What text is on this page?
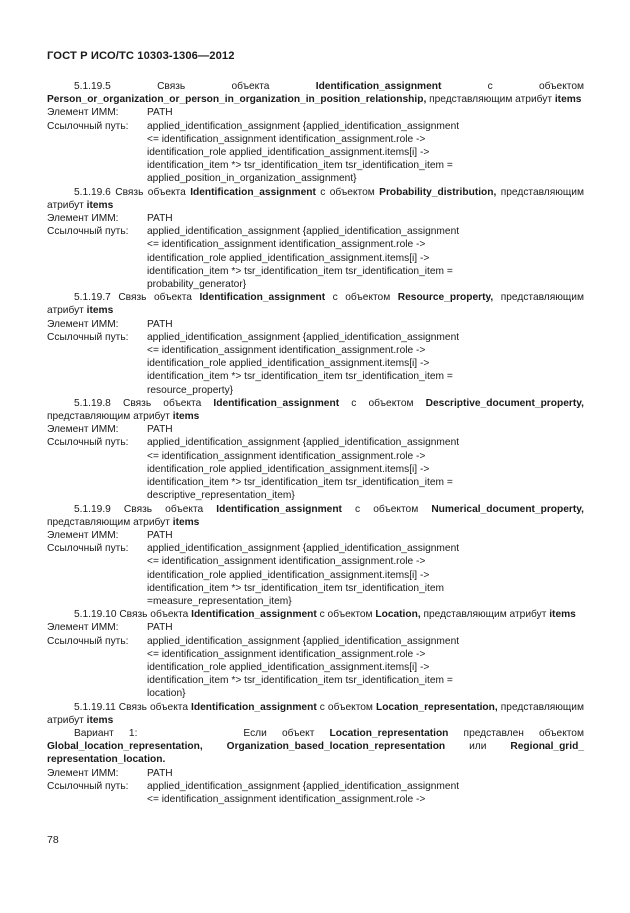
ГОСТ Р ИСО/ТС 10303-1306—2012

5.1.19.5 Связь объекта Identification_assignment с объектом Person_or_organization_or_person_in_organization_in_position_relationship, представляющим атрибут items

Элемент ИММ:	PATH
Ссылочный путь:	applied_identification_assignment {applied_identification_assignment
<= identification_assignment identification_assignment.role ->
identification_role applied_identification_assignment.items[i] ->
identification_item *> tsr_identification_item tsr_identification_item =
applied_position_in_organization_assignment}

5.1.19.6 Связь объекта Identification_assignment с объектом Probability_distribution, представляющим атрибут items

Элемент ИММ:	PATH
Ссылочный путь:	applied_identification_assignment {applied_identification_assignment
<= identification_assignment identification_assignment.role ->
identification_role applied_identification_assignment.items[i] ->
identification_item *> tsr_identification_item tsr_identification_item =
probability_generator}

5.1.19.7 Связь объекта Identification_assignment с объектом Resource_property, представляющим атрибут items

Элемент ИММ:	PATH
Ссылочный путь:	applied_identification_assignment {applied_identification_assignment
<= identification_assignment identification_assignment.role ->
identification_role applied_identification_assignment.items[i] ->
identification_item *> tsr_identification_item tsr_identification_item =
resource_property}

5.1.19.8 Связь объекта Identification_assignment с объектом Descriptive_document_property, представляющим атрибут items

Элемент ИММ:	PATH
Ссылочный путь:	applied_identification_assignment {applied_identification_assignment
<= identification_assignment identification_assignment.role ->
identification_role applied_identification_assignment.items[i] ->
identification_item *> tsr_identification_item tsr_identification_item =
descriptive_representation_item}

5.1.19.9 Связь объекта Identification_assignment с объектом Numerical_document_property, представляющим атрибут items

Элемент ИММ:	PATH
Ссылочный путь:	applied_identification_assignment {applied_identification_assignment
<= identification_assignment identification_assignment.role ->
identification_role applied_identification_assignment.items[i] ->
identification_item *> tsr_identification_item tsr_identification_item
=measure_representation_item}

5.1.19.10 Связь объекта Identification_assignment с объектом Location, представляющим атрибут items

Элемент ИММ:	PATH
Ссылочный путь:	applied_identification_assignment {applied_identification_assignment
<= identification_assignment identification_assignment.role ->
identification_role applied_identification_assignment.items[i] ->
identification_item *> tsr_identification_item tsr_identification_item =
location}

5.1.19.11 Связь объекта Identification_assignment с объектом Location_representation, представляющим атрибут items

Вариант 1:	Если объект Location_representation представлен объектом Global_location_representation, Organization_based_location_representation или Regional_grid_ representation_location.

Элемент ИММ:	PATH
Ссылочный путь:	applied_identification_assignment {applied_identification_assignment
<= identification_assignment identification_assignment.role ->
78
